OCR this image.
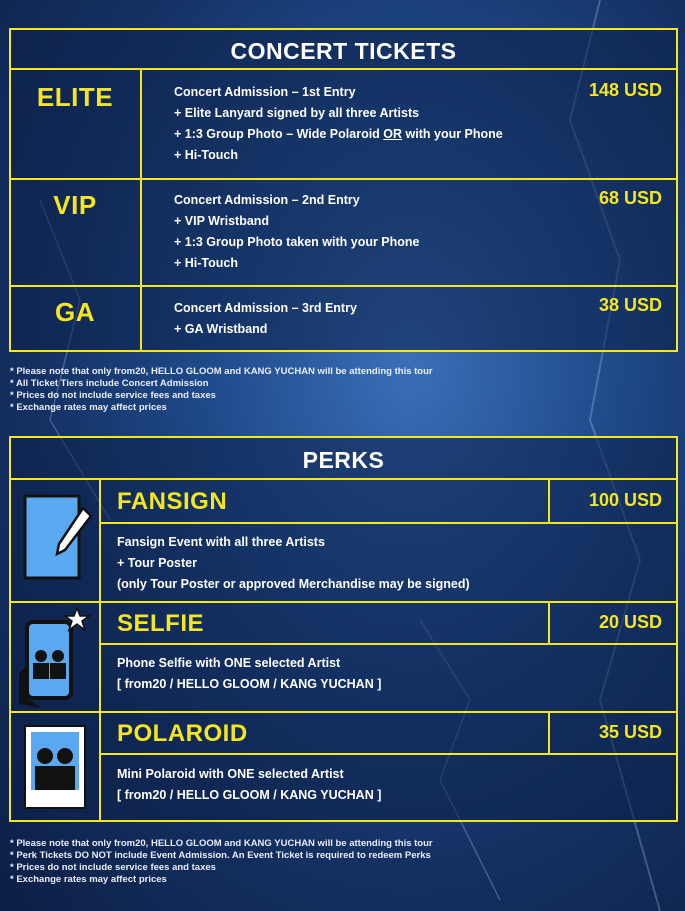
CONCERT TICKETS
ELITE	148 USD
Concert Admission – 1st Entry
+ Elite Lanyard signed by all three Artists
+ 1:3 Group Photo – Wide Polaroid OR with your Phone
+ Hi-Touch
VIP	68 USD
Concert Admission – 2nd Entry
+ VIP Wristband
+ 1:3 Group Photo taken with your Phone
+ Hi-Touch
GA	38 USD
Concert Admission – 3rd Entry
+ GA Wristband
* Please note that only from20, HELLO GLOOM and KANG YUCHAN will be attending this tour
* All Ticket Tiers include Concert Admission
* Prices do not include service fees and taxes
* Exchange rates may affect prices
PERKS
FANSIGN	100 USD
Fansign Event with all three Artists
+ Tour Poster
(only Tour Poster or approved Merchandise may be signed)
SELFIE	20 USD
Phone Selfie with ONE selected Artist
[ from20 / HELLO GLOOM / KANG YUCHAN ]
POLAROID	35 USD
Mini Polaroid with ONE selected Artist
[ from20 / HELLO GLOOM / KANG YUCHAN ]
* Please note that only from20, HELLO GLOOM and KANG YUCHAN will be attending this tour
* Perk Tickets DO NOT include Event Admission. An Event Ticket is required to redeem Perks
* Prices do not include service fees and taxes
* Exchange rates may affect prices
